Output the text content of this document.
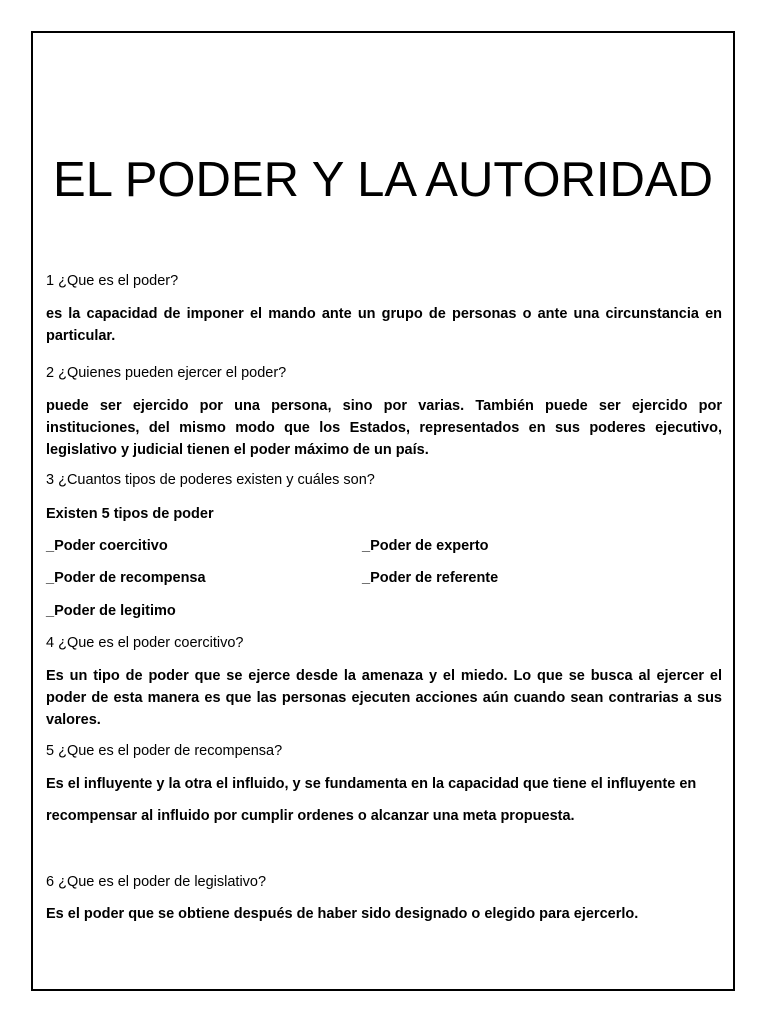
EL PODER Y LA AUTORIDAD
1 ¿Que es el poder?
es la capacidad de imponer el mando ante un grupo de personas o ante una circunstancia en particular.
2 ¿Quienes pueden ejercer el poder?
puede ser ejercido por una persona, sino por varias. También puede ser ejercido por instituciones, del mismo modo que los Estados, representados en sus poderes ejecutivo, legislativo y judicial tienen el poder máximo de un país.
3 ¿Cuantos tipos de poderes existen y cuáles son?
Existen 5 tipos de poder
_Poder coercitivo	_Poder de experto
_Poder de recompensa	_Poder de referente
_Poder de legitimo
4 ¿Que es el poder coercitivo?
Es un tipo de poder que se ejerce desde la amenaza y el miedo. Lo que se busca al ejercer el poder de esta manera es que las personas ejecuten acciones aún cuando sean contrarias a sus valores.
5 ¿Que es el poder de recompensa?
Es el influyente y la otra el influido, y se fundamenta en la capacidad que tiene el influyente en
recompensar al influido por cumplir ordenes o alcanzar una meta propuesta.
6 ¿Que es el poder de legislativo?
Es el poder que se obtiene después de haber sido designado o elegido para ejercerlo.
